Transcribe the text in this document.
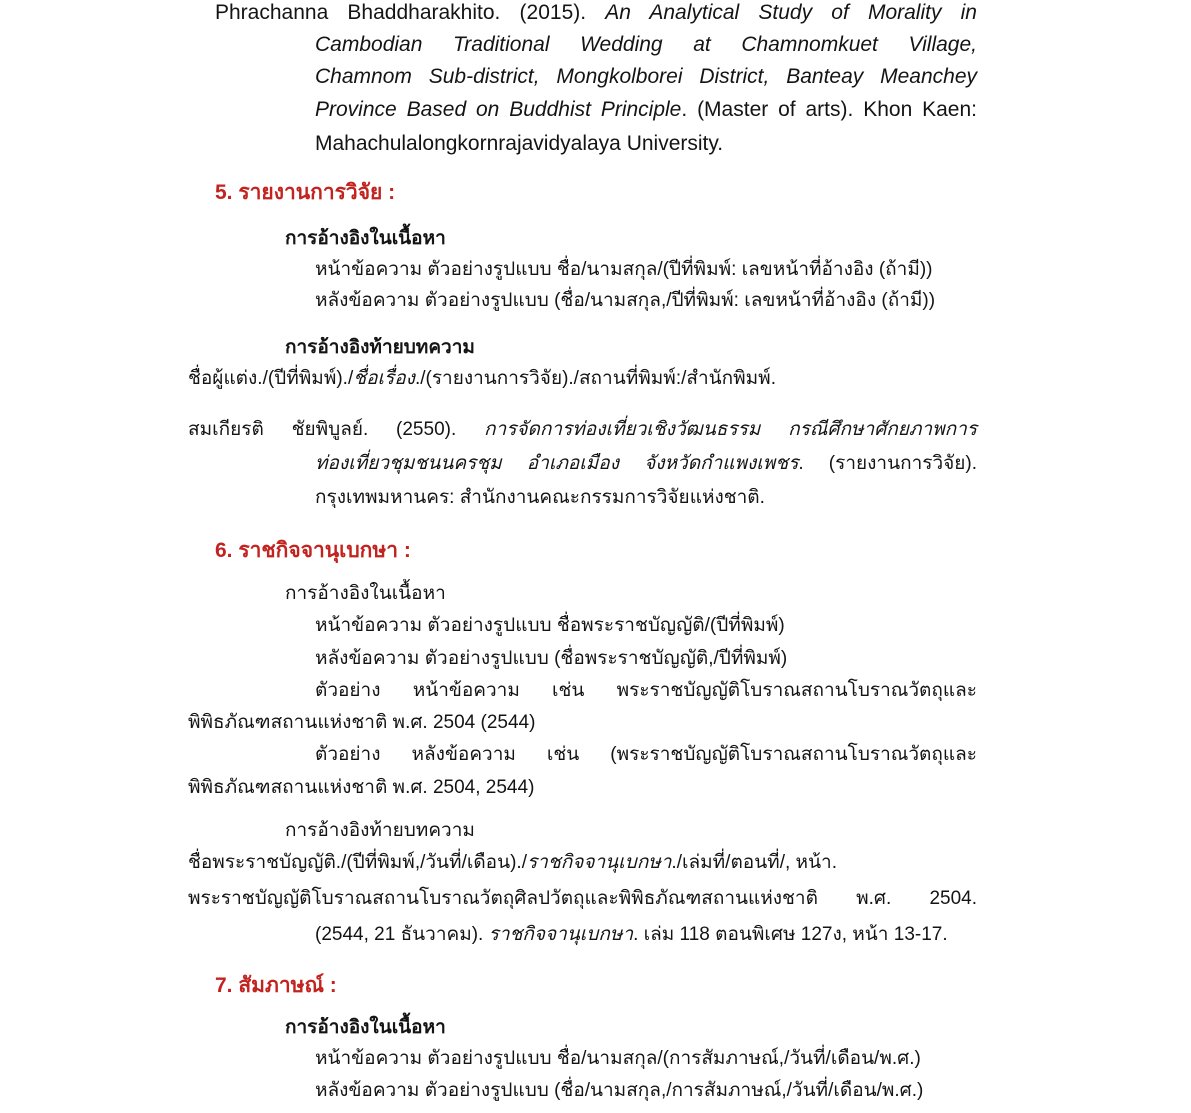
Phrachanna Bhaddharakhito. (2015). An Analytical Study of Morality in
Cambodian Traditional Wedding at Chamnomkuet Village,
Chamnom Sub-district, Mongkolborei District, Banteay Meanchey
Province Based on Buddhist Principle. (Master of arts). Khon Kaen:
Mahachulalongkornrajavidyalaya University.
5. รายงานการวิจัย :
การอ้างอิงในเนื้อหา
หน้าข้อความ ตัวอย่างรูปแบบ ชื่อ/นามสกุล/(ปีที่พิมพ์: เลขหน้าที่อ้างอิง (ถ้ามี))
หลังข้อความ ตัวอย่างรูปแบบ (ชื่อ/นามสกุล,/ปีที่พิมพ์: เลขหน้าที่อ้างอิง (ถ้ามี))
การอ้างอิงท้ายบทความ
ชื่อผู้แต่ง./(ปีที่พิมพ์)./ชื่อเรื่อง./(รายงานการวิจัย)./สถานที่พิมพ์:/สำนักพิมพ์.
สมเกียรติ ชัยพิบูลย์. (2550). การจัดการท่องเที่ยวเชิงวัฒนธรรม กรณีศึกษาศักยภาพการ
ท่องเที่ยวชุมชนนครชุม อำเภอเมือง จังหวัดกำแพงเพชร. (รายงานการวิจัย).
กรุงเทพมหานคร: สำนักงานคณะกรรมการวิจัยแห่งชาติ.
6. ราชกิจจานุเบกษา :
การอ้างอิงในเนื้อหา
หน้าข้อความ ตัวอย่างรูปแบบ ชื่อพระราชบัญญัติ/(ปีที่พิมพ์)
หลังข้อความ ตัวอย่างรูปแบบ (ชื่อพระราชบัญญัติ,/ปีที่พิมพ์)
ตัวอย่าง หน้าข้อความ เช่น พระราชบัญญัติโบราณสถานโบราณวัตถุและ
พิพิธภัณฑสถานแห่งชาติ พ.ศ. 2504 (2544)
ตัวอย่าง หลังข้อความ เช่น (พระราชบัญญัติโบราณสถานโบราณวัตถุและ
พิพิธภัณฑสถานแห่งชาติ พ.ศ. 2504, 2544)
การอ้างอิงท้ายบทความ
ชื่อพระราชบัญญัติ./(ปีที่พิมพ์,/วันที่/เดือน)./ราชกิจจานุเบกษา./เล่มที่/ตอนที่/, หน้า.
พระราชบัญญัติโบราณสถานโบราณวัตถุศิลปวัตถุและพิพิธภัณฑสถานแห่งชาติ พ.ศ. 2504.
(2544, 21 ธันวาคม). ราชกิจจานุเบกษา. เล่ม 118 ตอนพิเศษ 127ง, หน้า 13-17.
7. สัมภาษณ์ :
การอ้างอิงในเนื้อหา
หน้าข้อความ ตัวอย่างรูปแบบ ชื่อ/นามสกุล/(การสัมภาษณ์,/วันที่/เดือน/พ.ศ.)
หลังข้อความ ตัวอย่างรูปแบบ (ชื่อ/นามสกุล,/การสัมภาษณ์,/วันที่/เดือน/พ.ศ.)
